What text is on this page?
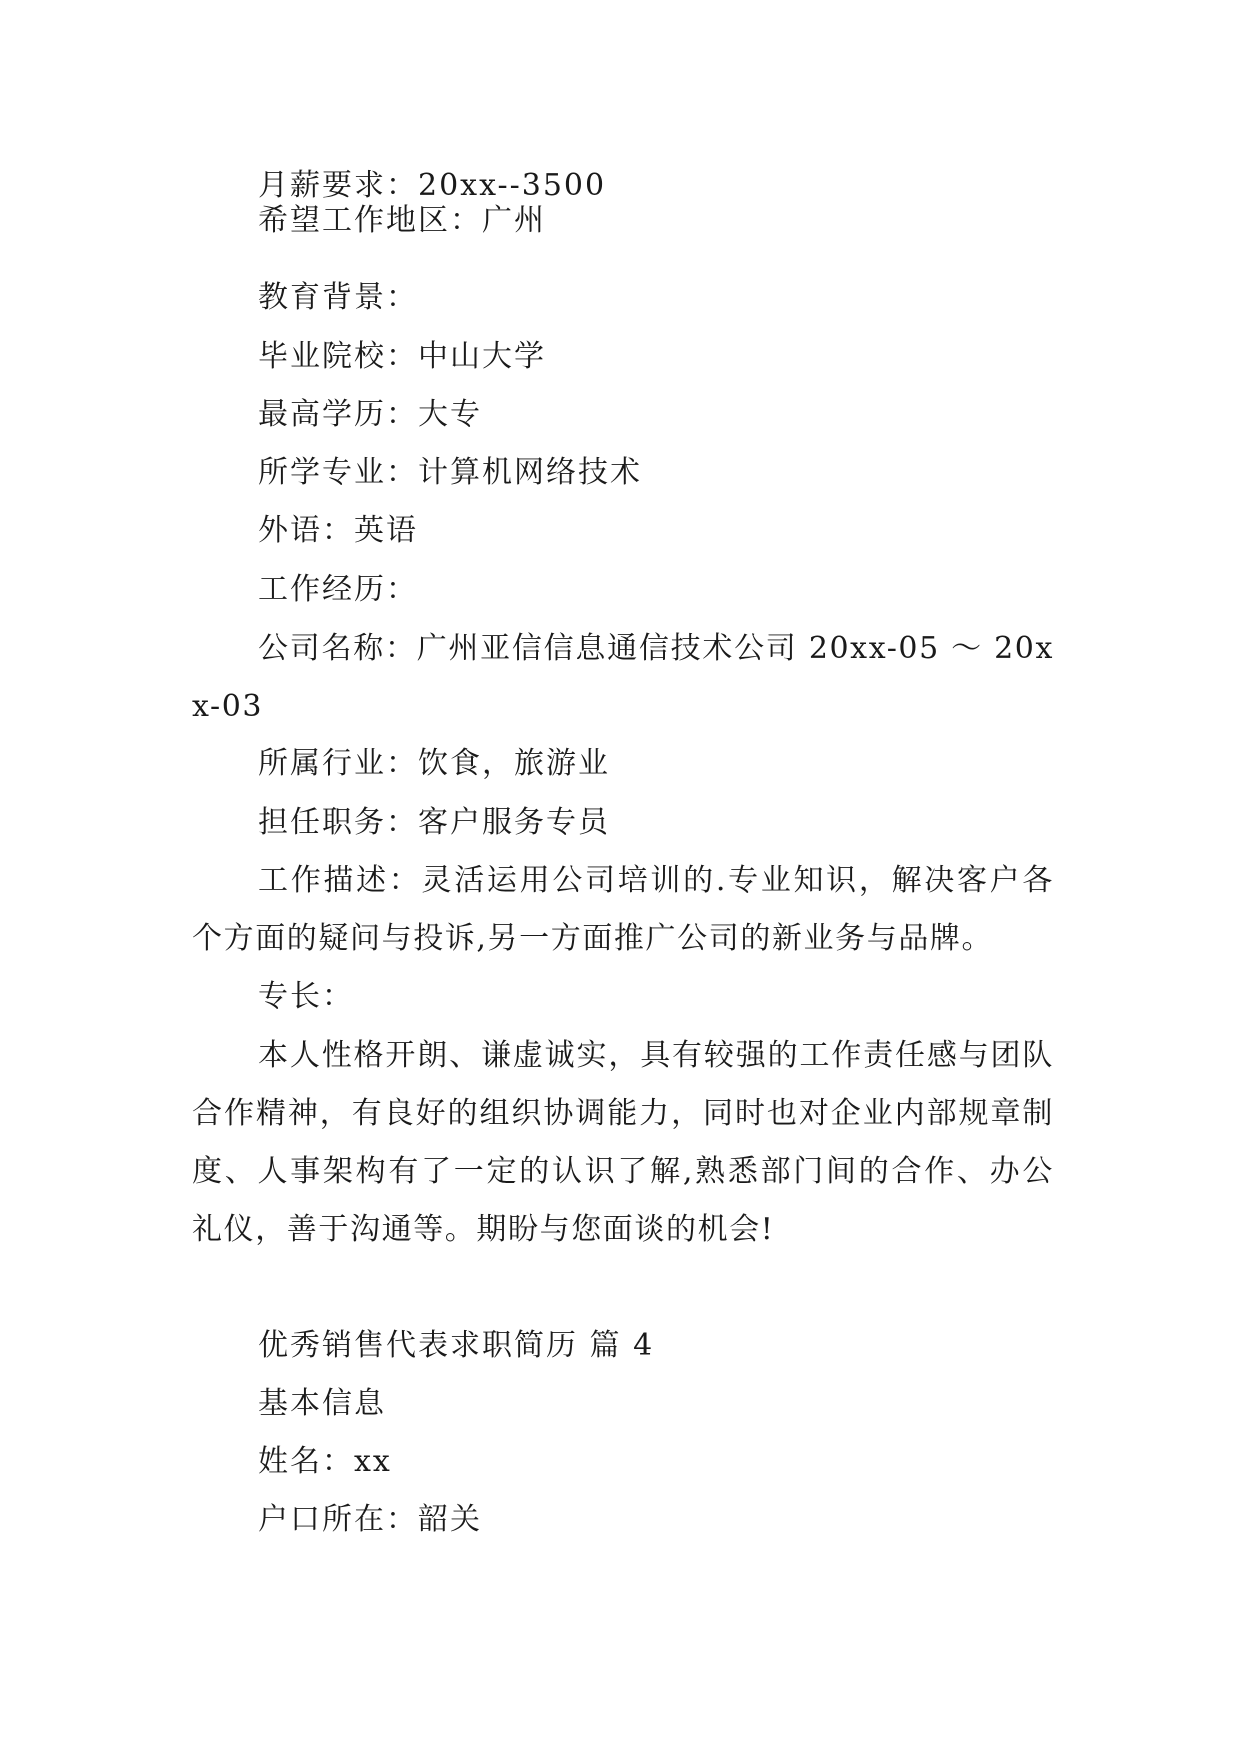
月薪要求：20xx--3500
希望工作地区：广州
教育背景：
毕业院校：中山大学
最高学历：大专
所学专业：计算机网络技术
外语：英语
工作经历：
公司名称：广州亚信信息通信技术公司 20xx-05 ～ 20xx-03
所属行业：饮食，旅游业
担任职务：客户服务专员
工作描述：灵活运用公司培训的.专业知识，解决客户各个方面的疑问与投诉,另一方面推广公司的新业务与品牌。
专长：
本人性格开朗、谦虚诚实，具有较强的工作责任感与团队合作精神，有良好的组织协调能力，同时也对企业内部规章制度、人事架构有了一定的认识了解,熟悉部门间的合作、办公礼仪，善于沟通等。期盼与您面谈的机会!
优秀销售代表求职简历 篇 4
基本信息
姓名：xx
户口所在：韶关
